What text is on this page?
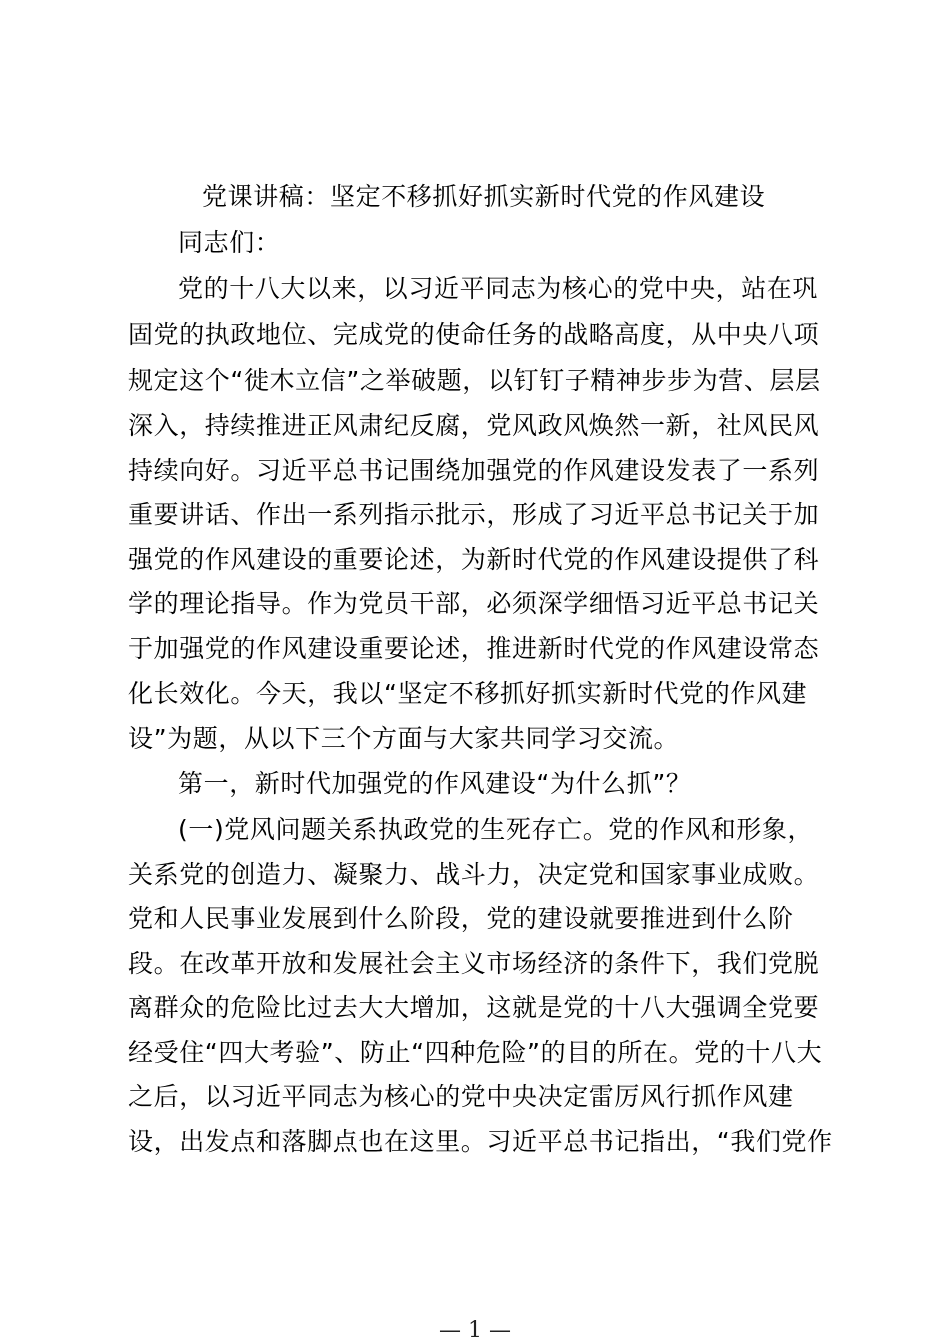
党课讲稿：坚定不移抓好抓实新时代党的作风建设
同志们：
党的十八大以来，以习近平同志为核心的党中央，站在巩
固党的执政地位、完成党的使命任务的战略高度，从中央八项
规定这个“徙木立信”之举破题，以钉钉子精神步步为营、层层
深入，持续推进正风肃纪反腐，党风政风焕然一新，社风民风
持续向好。习近平总书记围绕加强党的作风建设发表了一系列
重要讲话、作出一系列指示批示，形成了习近平总书记关于加
强党的作风建设的重要论述，为新时代党的作风建设提供了科
学的理论指导。作为党员干部，必须深学细悟习近平总书记关
于加强党的作风建设重要论述，推进新时代党的作风建设常态
化长效化。今天，我以“坚定不移抓好抓实新时代党的作风建
设”为题，从以下三个方面与大家共同学习交流。
第一，新时代加强党的作风建设“为什么抓”？
(一)党风问题关系执政党的生死存亡。党的作风和形象，
关系党的创造力、凝聚力、战斗力，决定党和国家事业成败。
党和人民事业发展到什么阶段，党的建设就要推进到什么阶
段。在改革开放和发展社会主义市场经济的条件下，我们党脱
离群众的危险比过去大大增加，这就是党的十八大强调全党要
经受住“四大考验”、防止“四种危险”的目的所在。党的十八大
之后，以习近平同志为核心的党中央决定雷厉风行抓作风建
设，出发点和落脚点也在这里。习近平总书记指出，“我们党作
— 1 —
